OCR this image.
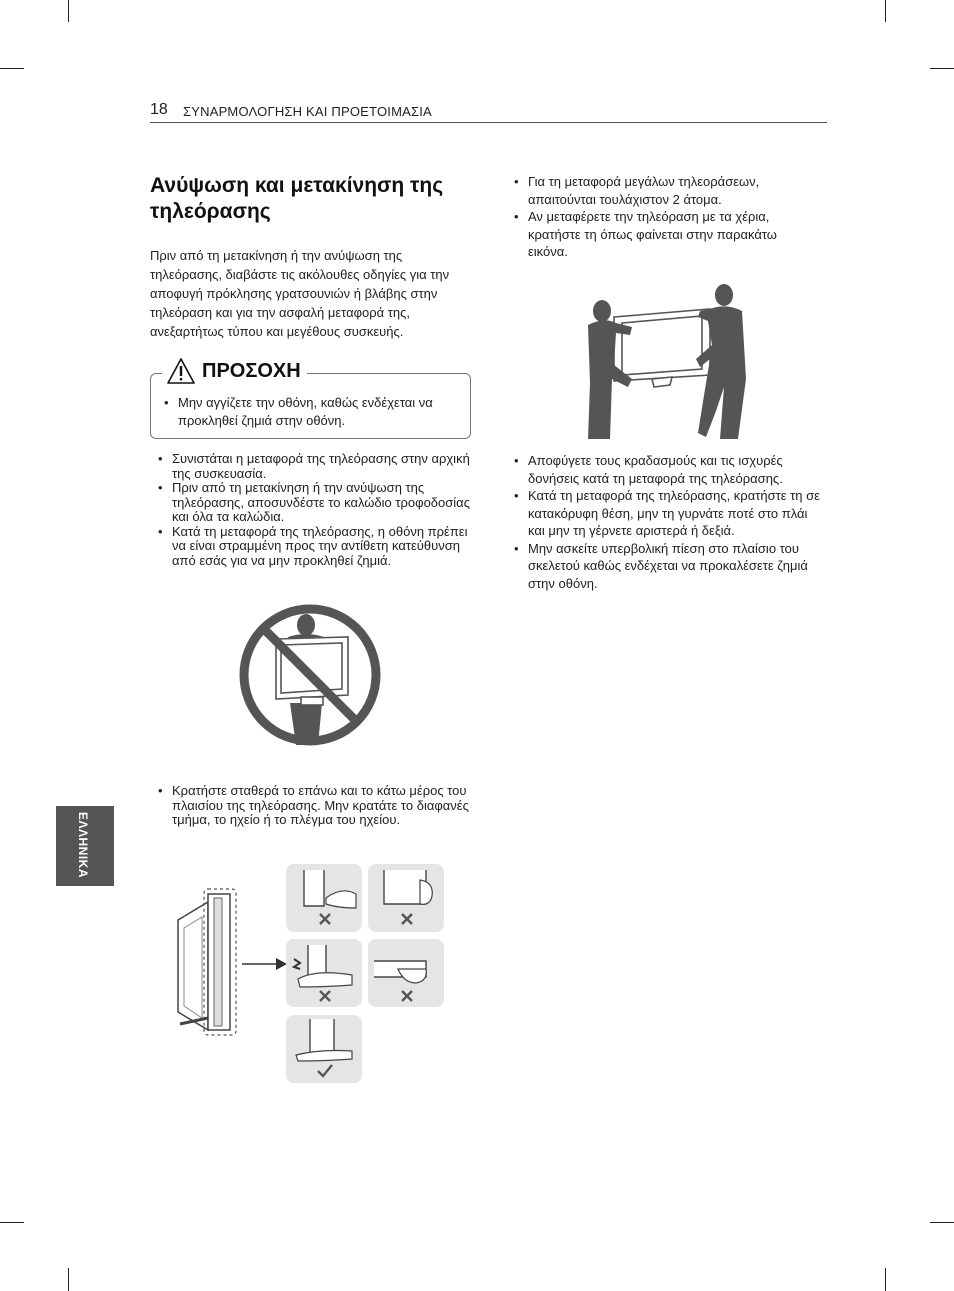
18 ΣΥΝΑΡΜΟΛΟΓΗΣΗ ΚΑΙ ΠΡΟΕΤΟΙΜΑΣΙΑ
ΕΛΛΗΝΙΚΑ
Ανύψωση και μετακίνηση της τηλεόρασης
Πριν από τη μετακίνηση ή την ανύψωση της τηλεόρασης, διαβάστε τις ακόλουθες οδηγίες για την αποφυγή πρόκλησης γρατσουνιών ή βλάβης στην τηλεόραση και για την ασφαλή μεταφορά της, ανεξαρτήτως τύπου και μεγέθους συσκευής.
ΠΡΟΣΟΧΗ
• Μην αγγίζετε την οθόνη, καθώς ενδέχεται να προκληθεί ζημιά στην οθόνη.
• Συνιστάται η μεταφορά της τηλεόρασης στην αρχική της συσκευασία.
• Πριν από τη μετακίνηση ή την ανύψωση της τηλεόρασης, αποσυνδέστε το καλώδιο τροφοδοσίας και όλα τα καλώδια.
• Κατά τη μεταφορά της τηλεόρασης, η οθόνη πρέπει να είναι στραμμένη προς την αντίθετη κατεύθυνση από εσάς για να μην προκληθεί ζημιά.
• Κρατήστε σταθερά το επάνω και το κάτω μέρος του πλαισίου της τηλεόρασης. Μην κρατάτε το διαφανές τμήμα, το ηχείο ή το πλέγμα του ηχείου.
• Για τη μεταφορά μεγάλων τηλεοράσεων, απαιτούνται τουλάχιστον 2 άτομα.
• Αν μεταφέρετε την τηλεόραση με τα χέρια, κρατήστε τη όπως φαίνεται στην παρακάτω εικόνα.
• Αποφύγετε τους κραδασμούς και τις ισχυρές δονήσεις κατά τη μεταφορά της τηλεόρασης.
• Κατά τη μεταφορά της τηλεόρασης, κρατήστε τη σε κατακόρυφη θέση, μην τη γυρνάτε ποτέ στο πλάι και μην τη γέρνετε αριστερά ή δεξιά.
• Μην ασκείτε υπερβολική πίεση στο πλαίσιο του σκελετού καθώς ενδέχεται να προκαλέσετε ζημιά στην οθόνη.
